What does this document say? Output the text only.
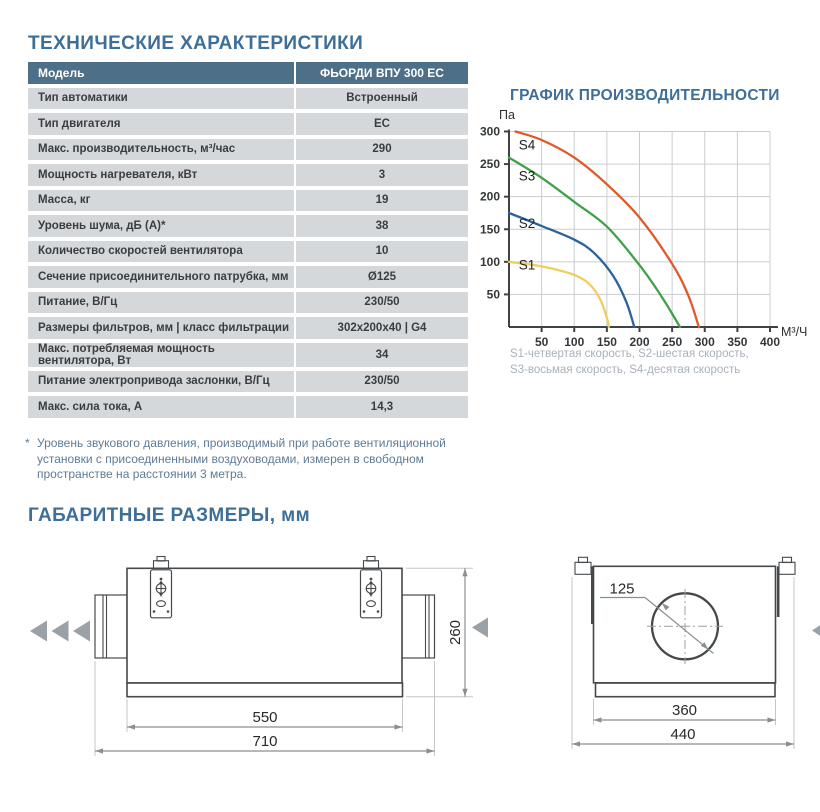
ТЕХНИЧЕСКИЕ ХАРАКТЕРИСТИКИ
Модель	ФЬОРДИ ВПУ 300 EC
Тип автоматики	Встроенный
Тип двигателя	EC
Макс. производительность, м³/час	290
Мощность нагревателя, кВт	3
Масса, кг	19
Уровень шума, дБ (А)*	38
Количество скоростей вентилятора	10
Сечение присоединительного патрубка, мм	Ø125
Питание, В/Гц	230/50
Размеры фильтров, мм | класс фильтрации	302x200x40 | G4
Макс. потребляемая мощность вентилятора, Вт	34
Питание электропривода заслонки, В/Гц	230/50
Макс. сила тока, А	14,3
ГРАФИК ПРОИЗВОДИТЕЛЬНОСТИ
50 100 150 200 250 300 350 400
50
100
150
200
250
300
Па
М³/Ч
S1
S2
S3
S4
S1-четвертая скорость, S2-шестая скорость,
S3-восьмая скорость, S4-десятая скорость
* Уровень звукового давления, производимый при работе вентиляционной установки с присоединенными воздуховодами, измерен в свободном пространстве на расстоянии 3 метра.
ГАБАРИТНЫЕ РАЗМЕРЫ, мм
550
710
260
125
360
440
